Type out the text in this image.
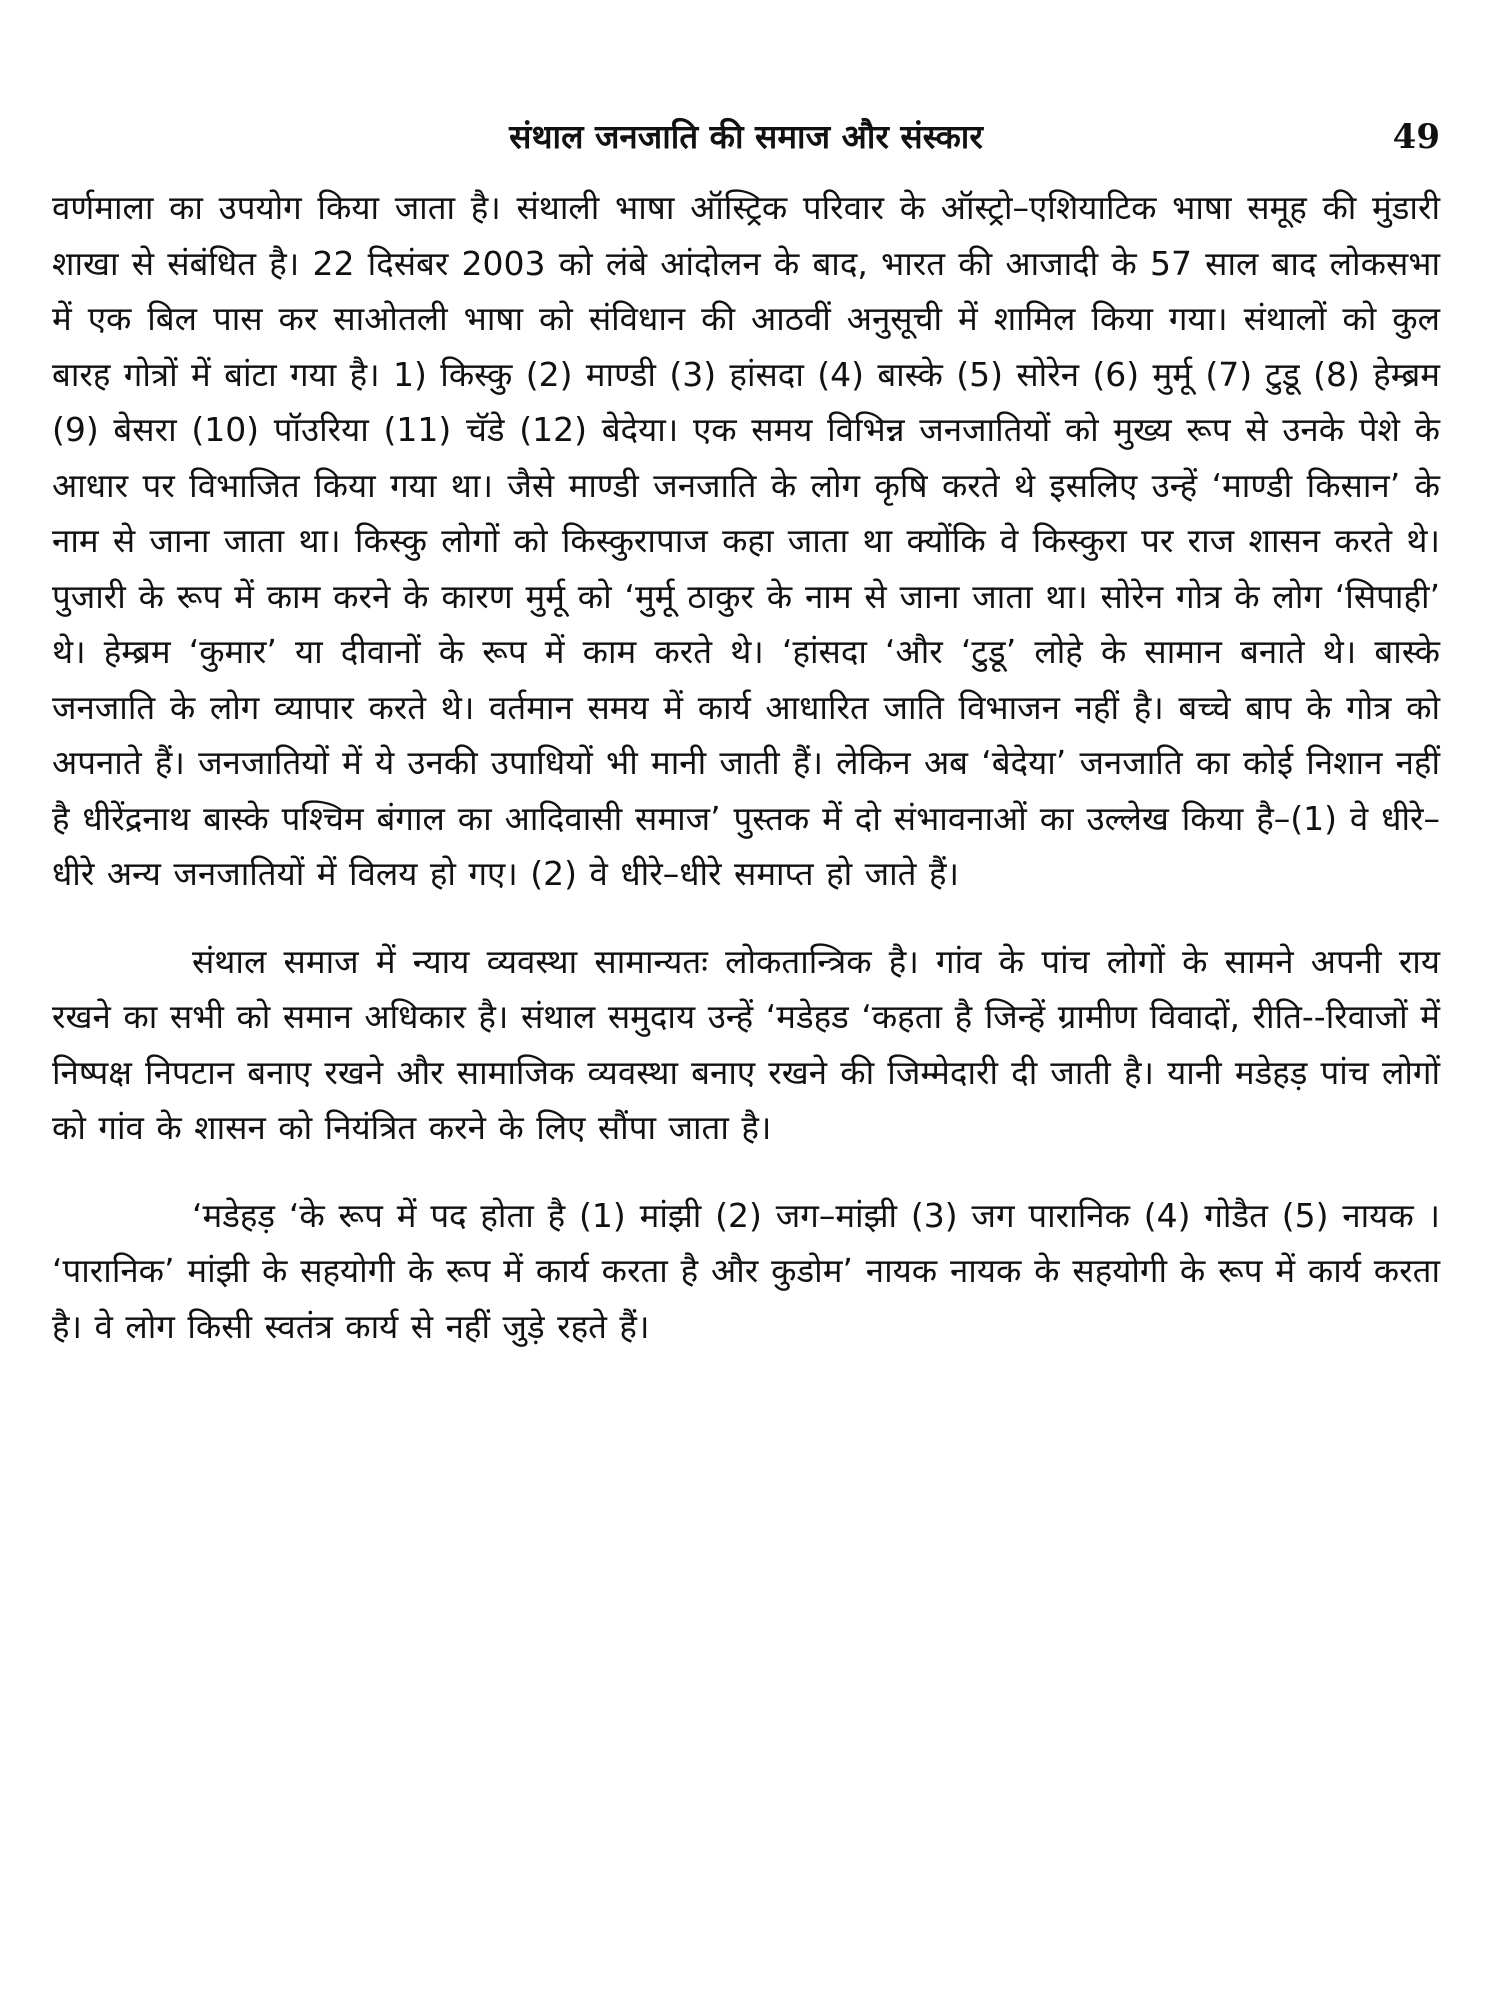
संथाल जनजाति की समाज और संस्कार	49

वर्णमाला का उपयोग किया जाता है। संथाली भाषा ऑस्ट्रिक परिवार के ऑस्ट्रो–एशियाटिक भाषा समूह की मुंडारी शाखा से संबंधित है। 22 दिसंबर 2003 को लंबे आंदोलन के बाद, भारत की आजादी के 57 साल बाद लोकसभा में एक बिल पास कर साओतली भाषा को संविधान की आठवीं अनुसूची में शामिल किया गया। संथालों को कुल बारह गोत्रों में बांटा गया है। 1) किस्कु (2) माण्डी (3) हांसदा (4) बास्के (5) सोरेन (6) मुर्मू (7) टुडू (8) हेम्ब्रम (9) बेसरा (10) पॉउरिया (11) चॅडे (12) बेदेया। एक समय विभिन्न जनजातियों को मुख्य रूप से उनके पेशे के आधार पर विभाजित किया गया था। जैसे माण्डी जनजाति के लोग कृषि करते थे इसलिए उन्हें ‘माण्डी किसान’ के नाम से जाना जाता था। किस्कु लोगों को किस्कुरापाज कहा जाता था क्योंकि वे किस्कुरा पर राज शासन करते थे। पुजारी के रूप में काम करने के कारण मुर्मू को ‘मुर्मू ठाकुर के नाम से जाना जाता था। सोरेन गोत्र के लोग ‘सिपाही’ थे। हेम्ब्रम ‘कुमार’ या दीवानों के रूप में काम करते थे। ‘हांसदा ‘और ‘टुडू’ लोहे के सामान बनाते थे। बास्के जनजाति के लोग व्यापार करते थे। वर्तमान समय में कार्य आधारित जाति विभाजन नहीं है। बच्चे बाप के गोत्र को अपनाते हैं। जनजातियों में ये उनकी उपाधियों भी मानी जाती हैं। लेकिन अब ‘बेदेया’ जनजाति का कोई निशान नहीं है धीरेंद्रनाथ बास्के पश्चिम बंगाल का आदिवासी समाज’ पुस्तक में दो संभावनाओं का उल्लेख किया है–(1) वे धीरे–धीरे अन्य जनजातियों में विलय हो गए। (2) वे धीरे–धीरे समाप्त हो जाते हैं।

संथाल समाज में न्याय व्यवस्था सामान्यतः लोकतान्त्रिक है। गांव के पांच लोगों के सामने अपनी राय रखने का सभी को समान अधिकार है। संथाल समुदाय उन्हें ‘मडेहड ‘कहता है जिन्हें ग्रामीण विवादों, रीति--रिवाजों में निष्पक्ष निपटान बनाए रखने और सामाजिक व्यवस्था बनाए रखने की जिम्मेदारी दी जाती है। यानी मडेहड़ पांच लोगों को गांव के शासन को नियंत्रित करने के लिए सौंपा जाता है।

‘मडेहड़ ‘के रूप में पद होता है (1) मांझी (2) जग–मांझी (3) जग पारानिक (4) गोडैत (5) नायक । ‘पारानिक’ मांझी के सहयोगी के रूप में कार्य करता है और कुडोम’ नायक नायक के सहयोगी के रूप में कार्य करता है। वे लोग किसी स्वतंत्र कार्य से नहीं जुड़े रहते हैं।
